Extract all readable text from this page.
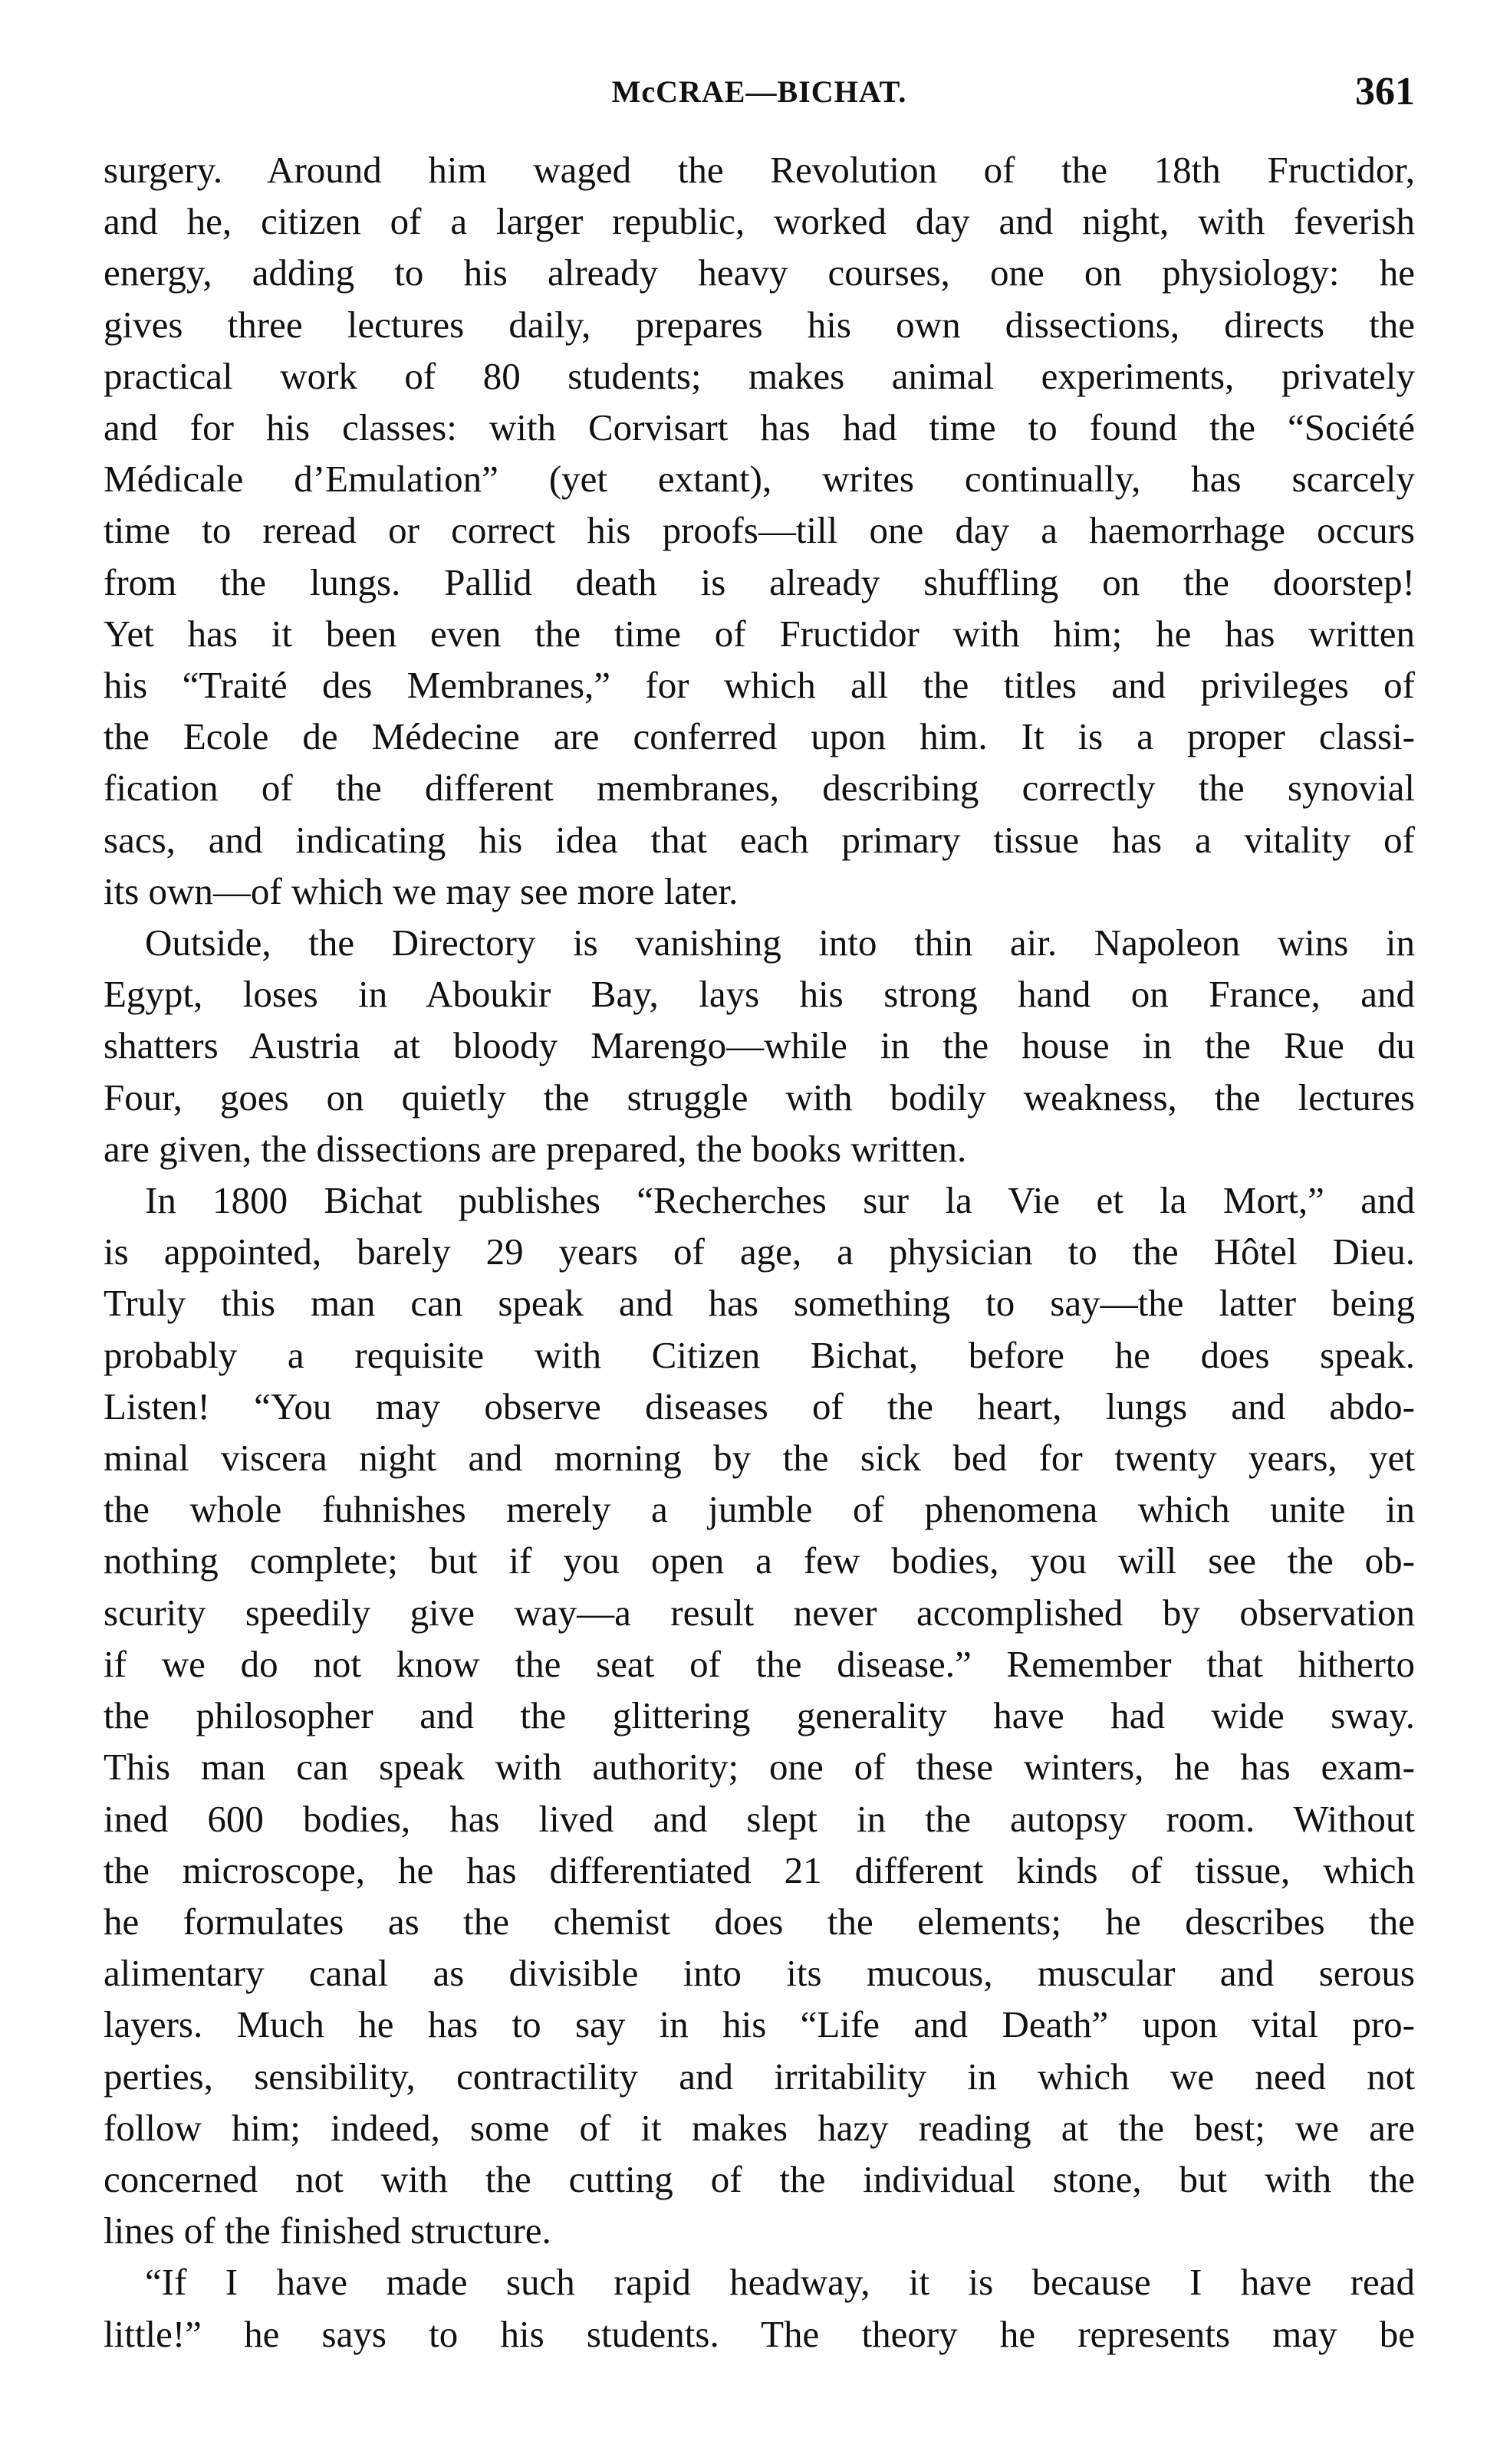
McCRAE—BICHAT.	361
surgery. Around him waged the Revolution of the 18th Fructidor,
and he, citizen of a larger republic, worked day and night, with feverish
energy, adding to his already heavy courses, one on physiology: he
gives three lectures daily, prepares his own dissections, directs the
practical work of 80 students; makes animal experiments, privately
and for his classes: with Corvisart has had time to found the “Société
Médicale d’Emulation” (yet extant), writes continually, has scarcely
time to reread or correct his proofs—till one day a haemorrhage occurs
from the lungs. Pallid death is already shuffling on the doorstep!
Yet has it been even the time of Fructidor with him; he has written
his “Traité des Membranes,” for which all the titles and privileges of
the Ecole de Médecine are conferred upon him. It is a proper classi-
fication of the different membranes, describing correctly the synovial
sacs, and indicating his idea that each primary tissue has a vitality of
its own—of which we may see more later.
Outside, the Directory is vanishing into thin air. Napoleon wins in
Egypt, loses in Aboukir Bay, lays his strong hand on France, and
shatters Austria at bloody Marengo—while in the house in the Rue du
Four, goes on quietly the struggle with bodily weakness, the lectures
are given, the dissections are prepared, the books written.
In 1800 Bichat publishes “Recherches sur la Vie et la Mort,” and
is appointed, barely 29 years of age, a physician to the Hôtel Dieu.
Truly this man can speak and has something to say—the latter being
probably a requisite with Citizen Bichat, before he does speak.
Listen! “You may observe diseases of the heart, lungs and abdo-
minal viscera night and morning by the sick bed for twenty years, yet
the whole fuhnishes merely a jumble of phenomena which unite in
nothing complete; but if you open a few bodies, you will see the ob-
scurity speedily give way—a result never accomplished by observation
if we do not know the seat of the disease.” Remember that hitherto
the philosopher and the glittering generality have had wide sway.
This man can speak with authority; one of these winters, he has exam-
ined 600 bodies, has lived and slept in the autopsy room. Without
the microscope, he has differentiated 21 different kinds of tissue, which
he formulates as the chemist does the elements; he describes the
alimentary canal as divisible into its mucous, muscular and serous
layers. Much he has to say in his “Life and Death” upon vital pro-
perties, sensibility, contractility and irritability in which we need not
follow him; indeed, some of it makes hazy reading at the best; we are
concerned not with the cutting of the individual stone, but with the
lines of the finished structure.
“If I have made such rapid headway, it is because I have read
little!” he says to his students. The theory he represents may be
